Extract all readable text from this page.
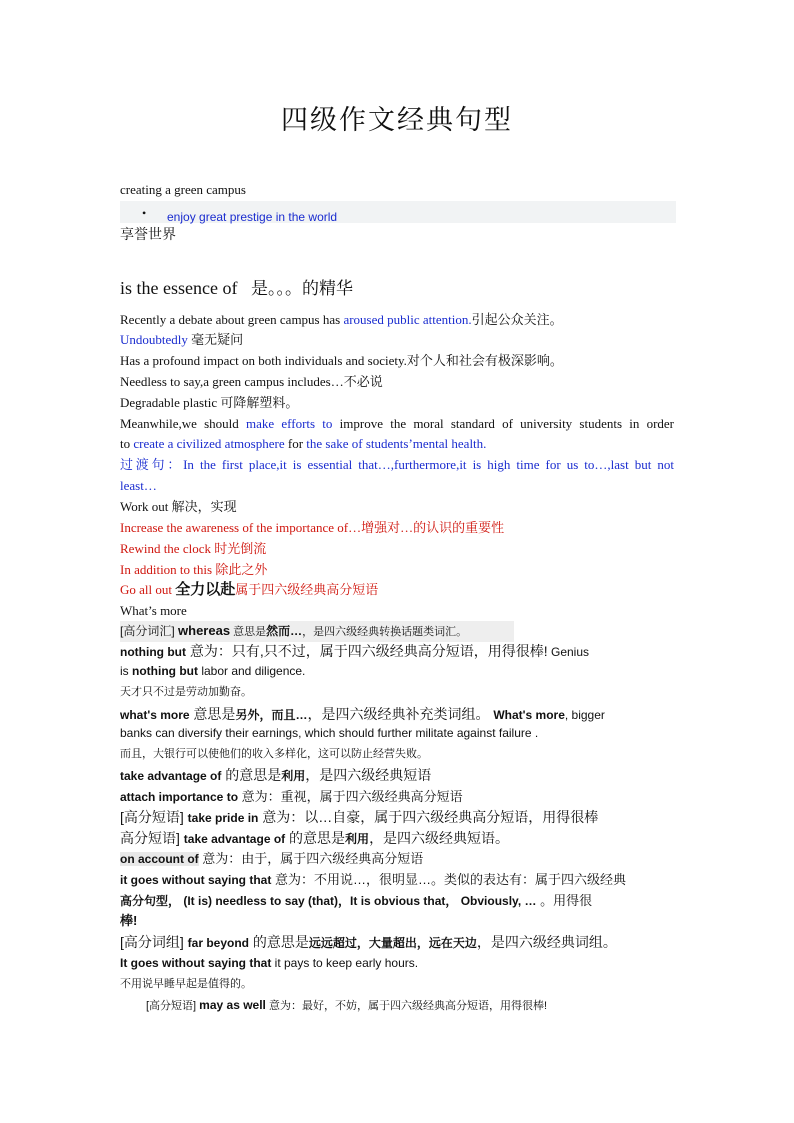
四级作文经典句型
creating a green campus
• enjoy great prestige in the world
享誉世界
is the essence of 是。。。的精华
Recently a debate about green campus has aroused public attention.引起公众关注。
Undoubtedly 毫无疑问
Has a profound impact on both individuals and society.对个人和社会有极深影响。
Needless to say,a green campus includes…不必说
Degradable plastic 可降解塑料。
Meanwhile,we should make efforts to improve the moral standard of university students in order
to create a civilized atmosphere for the sake of students’mental health.
过渡句：In the first place,it is essential that…,furthermore,it is high time for us to…,last but not
least…
Work out 解决，实现
Increase the awareness of the importance of…增强对…的认识的重要性
Rewind the clock 时光倒流
In addition to this 除此之外
Go all out 全力以赴属于四六级经典高分短语
What’s more
[高分词汇] whereas 意思是然而…，是四六级经典转换话题类词汇。
nothing but 意为：只有,只不过，属于四六级经典高分短语，用得很棒! Genius
is nothing but labor and diligence.
天才只不过是劳动加勤奋。
what's more 意思是另外，而且…，是四六级经典补充类词组。 What's more, bigger
banks can diversify their earnings, which should further militate against failure .
而且，大银行可以使他们的收入多样化，这可以防止经营失败。
take advantage of 的意思是利用，是四六级经典短语
attach importance to 意为：重视，属于四六级经典高分短语
[高分短语] take pride in 意为：以…自豪，属于四六级经典高分短语，用得很棒
高分短语] take advantage of 的意思是利用，是四六级经典短语。
on account of 意为：由于，属于四六级经典高分短语
it goes without saying that 意为：不用说…，很明显…。类似的表达有：属于四六级经典
高分句型， (It is) needless to say (that)，It is obvious that， Obviously, … 。用得很
棒!
[高分词组] far beyond 的意思是远远超过，大量超出，远在天边，是四六级经典词组。
It goes without saying that it pays to keep early hours.
不用说早睡早起是值得的。
[高分短语] may as well 意为：最好，不妨，属于四六级经典高分短语，用得很棒!
